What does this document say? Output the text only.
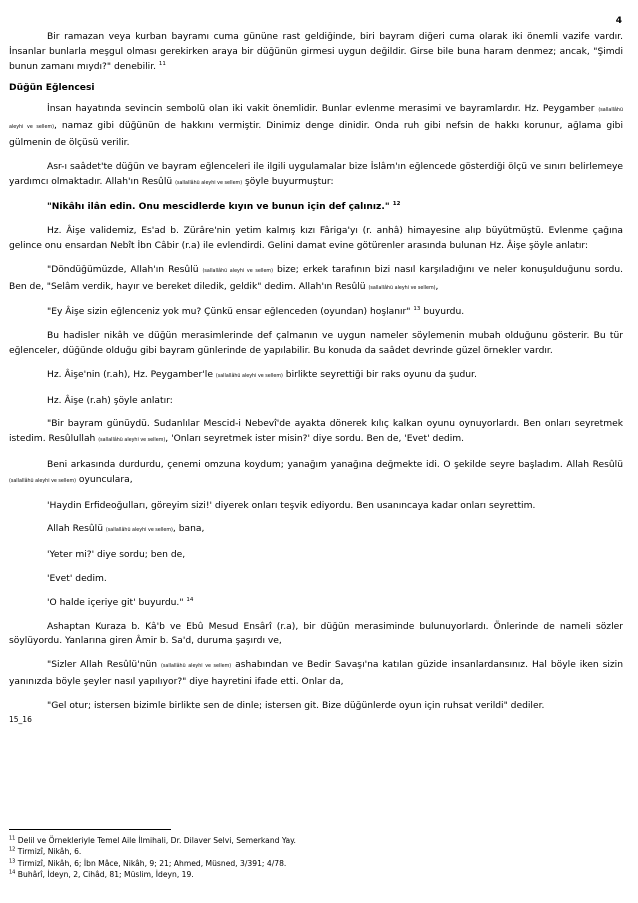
4

Bir ramazan veya kurban bayramı cuma gününe rast geldiğinde, biri bayram diğeri cuma olarak iki önemli vazife vardır. İnsanlar bunlarla meşgul olması gerekirken araya bir düğünün girmesi uygun değildir. Girse bile buna haram denmez; ancak, "Şimdi bunun zamanı mıydı?" denebilir. $^{11}$

Düğün Eğlencesi

İnsan hayatında sevincin sembolü olan iki vakit önemlidir. Bunlar evlenme merasimi ve bayramlardır. Hz. Peygamber (sallallâhü aleyhi ve sellem), namaz gibi düğünün de hakkını vermiştir. Dinimiz denge dinidir. Onda ruh gibi nefsin de hakkı korunur, ağlama gibi gülmenin de ölçüsü verilir.

Asr-ı saâdet'te düğün ve bayram eğlenceleri ile ilgili uygulamalar bize İslâm'ın eğlencede gösterdiği ölçü ve sınırı belirlemeye yardımcı olmaktadır. Allah'ın Resûlü (sallallâhü aleyhi ve sellem) şöyle buyurmuştur:

"Nikâhı ilân edin. Onu mescidlerde kıyın ve bunun için def çalınız." $^{12}$

Hz. Âişe validemiz, Es'ad b. Zürâre'nin yetim kalmış kızı Fâriga'yı (r. anhâ) himayesine alıp büyütmüştü. Evlenme çağına gelince onu ensardan Nebît İbn Câbir (r.a) ile evlendirdi. Gelini damat evine götürenler arasında bulunan Hz. Âişe şöyle anlatır:

"Döndüğümüzde, Allah'ın Resûlü (sallallâhü aleyhi ve sellem) bize; erkek tarafının bizi nasıl karşıladığını ve neler konuşulduğunu sordu. Ben de, "Selâm verdik, hayır ve bereket diledik, geldik" dedim. Allah'ın Resûlü (sallallâhü aleyhi ve sellem),

"Ey Âişe sizin eğlenceniz yok mu? Çünkü ensar eğlenceden (oyundan) hoşlanır" $^{13}$ buyurdu.

Bu hadisler nikâh ve düğün merasimlerinde def çalmanın ve uygun nameler söylemenin mubah olduğunu gösterir. Bu tür eğlenceler, düğünde olduğu gibi bayram günlerinde de yapılabilir. Bu konuda da saâdet devrinde güzel örnekler vardır.

Hz. Âişe'nin (r.ah), Hz. Peygamber'le (sallallâhü aleyhi ve sellem) birlikte seyrettiği bir raks oyunu da şudur.

Hz. Âişe (r.ah) şöyle anlatır:

"Bir bayram günüydü. Sudanlılar Mescid-i Nebevî'de ayakta dönerek kılıç kalkan oyunu oynuyorlardı. Ben onları seyretmek istedim. Resûlullah (sallallâhü aleyhi ve sellem), 'Onları seyretmek ister misin?' diye sordu. Ben de, 'Evet' dedim.

Beni arkasında durdurdu, çenemi omzuna koydum; yanağım yanağına değmekte idi. O şekilde seyre başladım. Allah Resûlü (sallallâhü aleyhi ve sellem) oyunculara,

'Haydin Erfideoğulları, göreyim sizi!' diyerek onları teşvik ediyordu. Ben usanıncaya kadar onları seyrettim.

Allah Resûlü (sallallâhü aleyhi ve sellem), bana,

'Yeter mi?' diye sordu; ben de,

'Evet' dedim.

'O halde içeriye git' buyurdu." $^{14}$

Ashaptan Kuraza b. Kâ'b ve Ebû Mesud Ensârî (r.a), bir düğün merasiminde bulunuyorlardı. Önlerinde de nameli sözler söylüyordu. Yanlarına giren Âmir b. Sa'd, duruma şaşırdı ve,

"Sizler Allah Resûlü'nün (sallallâhü aleyhi ve sellem) ashabından ve Bedir Savaşı'na katılan güzide insanlardansınız. Hal böyle iken sizin yanınızda böyle şeyler nasıl yapılıyor?" diye hayretini ifade etti. Onlar da,

"Gel otur; istersen bizimle birlikte sen de dinle; istersen git. Bize düğünlerde oyun için ruhsat verildi" dediler.

15_16
$^{11}$ Delil ve Örnekleriyle Temel Aile İlmihali, Dr. Dilaver Selvi, Semerkand Yay.
$^{12}$ Tirmizî, Nikâh, 6.
$^{13}$ Tirmizî, Nikâh, 6; İbn Mâce, Nikâh, 9; 21; Ahmed, Müsned, 3/391; 4/78.
$^{14}$ Buhârî, İdeyn, 2, Cihâd, 81; Müslim, İdeyn, 19.
